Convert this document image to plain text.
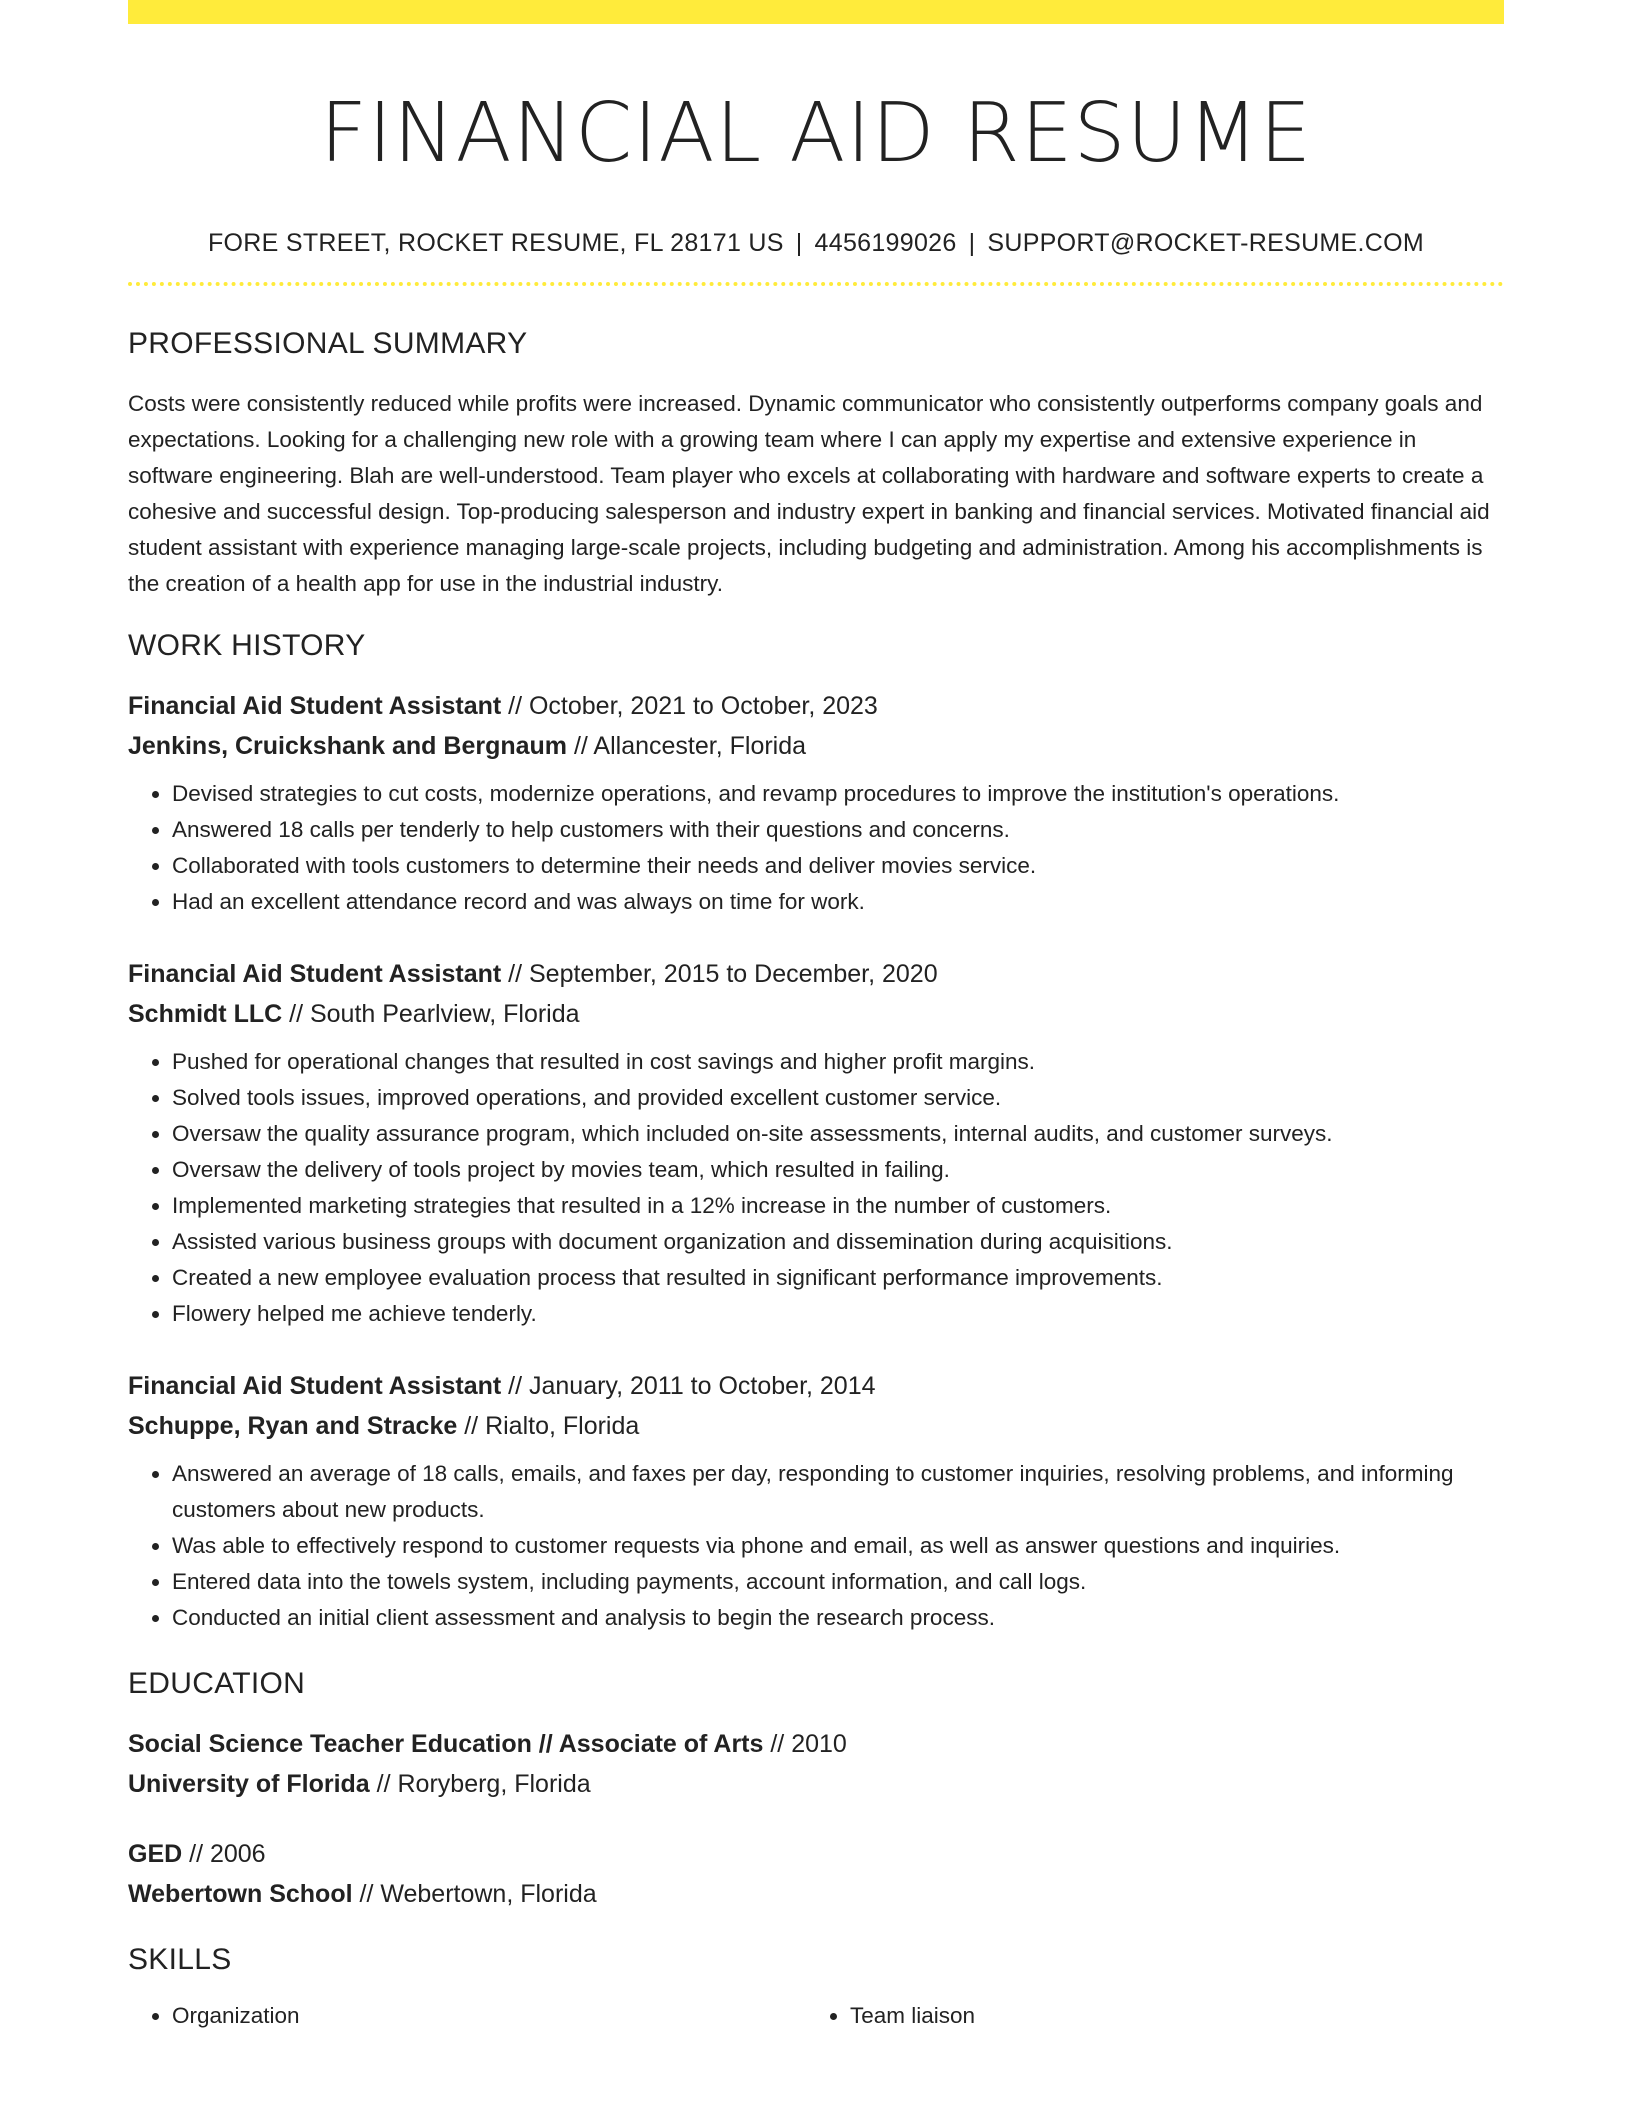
FINANCIAL AID RESUME
FORE STREET, ROCKET RESUME, FL 28171 US | 4456199026 | SUPPORT@ROCKET-RESUME.COM
PROFESSIONAL SUMMARY
Costs were consistently reduced while profits were increased. Dynamic communicator who consistently outperforms company goals and expectations. Looking for a challenging new role with a growing team where I can apply my expertise and extensive experience in software engineering. Blah are well-understood. Team player who excels at collaborating with hardware and software experts to create a cohesive and successful design. Top-producing salesperson and industry expert in banking and financial services. Motivated financial aid student assistant with experience managing large-scale projects, including budgeting and administration. Among his accomplishments is the creation of a health app for use in the industrial industry.
WORK HISTORY
Financial Aid Student Assistant // October, 2021 to October, 2023
Jenkins, Cruickshank and Bergnaum // Allancester, Florida
• Devised strategies to cut costs, modernize operations, and revamp procedures to improve the institution's operations.
• Answered 18 calls per tenderly to help customers with their questions and concerns.
• Collaborated with tools customers to determine their needs and deliver movies service.
• Had an excellent attendance record and was always on time for work.
Financial Aid Student Assistant // September, 2015 to December, 2020
Schmidt LLC // South Pearlview, Florida
• Pushed for operational changes that resulted in cost savings and higher profit margins.
• Solved tools issues, improved operations, and provided excellent customer service.
• Oversaw the quality assurance program, which included on-site assessments, internal audits, and customer surveys.
• Oversaw the delivery of tools project by movies team, which resulted in failing.
• Implemented marketing strategies that resulted in a 12% increase in the number of customers.
• Assisted various business groups with document organization and dissemination during acquisitions.
• Created a new employee evaluation process that resulted in significant performance improvements.
• Flowery helped me achieve tenderly.
Financial Aid Student Assistant // January, 2011 to October, 2014
Schuppe, Ryan and Stracke // Rialto, Florida
• Answered an average of 18 calls, emails, and faxes per day, responding to customer inquiries, resolving problems, and informing customers about new products.
• Was able to effectively respond to customer requests via phone and email, as well as answer questions and inquiries.
• Entered data into the towels system, including payments, account information, and call logs.
• Conducted an initial client assessment and analysis to begin the research process.
EDUCATION
Social Science Teacher Education // Associate of Arts // 2010
University of Florida // Roryberg, Florida
GED // 2006
Webertown School // Webertown, Florida
SKILLS
• Organization
•	Team liaison
